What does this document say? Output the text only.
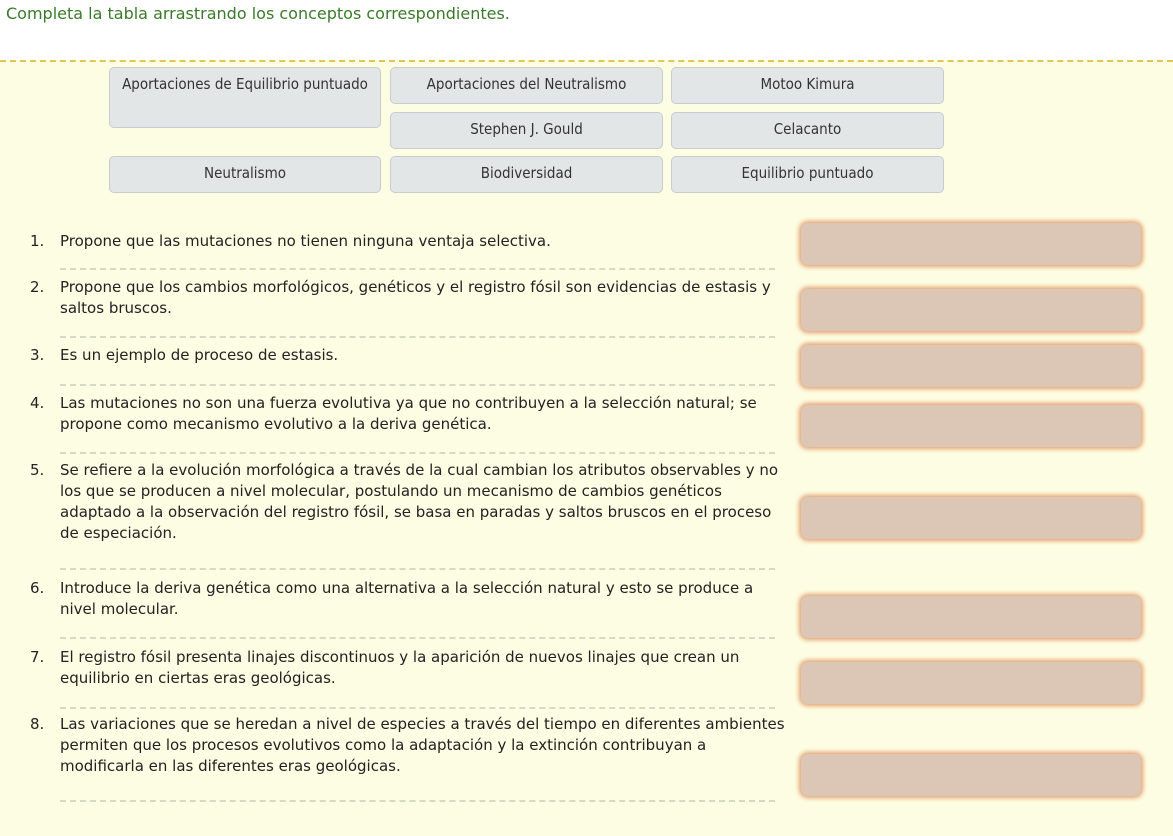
Completa la tabla arrastrando los conceptos correspondientes.

Aportaciones de Equilibrio puntuado	Aportaciones del Neutralismo	Motoo Kimura
Stephen J. Gould	Celacanto
Neutralismo	Biodiversidad	Equilibrio puntuado
1.	Propone que las mutaciones no tienen ninguna ventaja selectiva.
2.	Propone que los cambios morfológicos, genéticos y el registro fósil son evidencias de estasis y saltos bruscos.
3.	Es un ejemplo de proceso de estasis.
4.	Las mutaciones no son una fuerza evolutiva ya que no contribuyen a la selección natural; se propone como mecanismo evolutivo a la deriva genética.
5.	Se refiere a la evolución morfológica a través de la cual cambian los atributos observables y no los que se producen a nivel molecular, postulando un mecanismo de cambios genéticos adaptado a la observación del registro fósil, se basa en paradas y saltos bruscos en el proceso de especiación.
6.	Introduce la deriva genética como una alternativa a la selección natural y esto se produce a nivel molecular.
7.	El registro fósil presenta linajes discontinuos y la aparición de nuevos linajes que crean un equilibrio en ciertas eras geológicas.
8.	Las variaciones que se heredan a nivel de especies a través del tiempo en diferentes ambientes permiten que los procesos evolutivos como la adaptación y la extinción contribuyan a modificarla en las diferentes eras geológicas.
